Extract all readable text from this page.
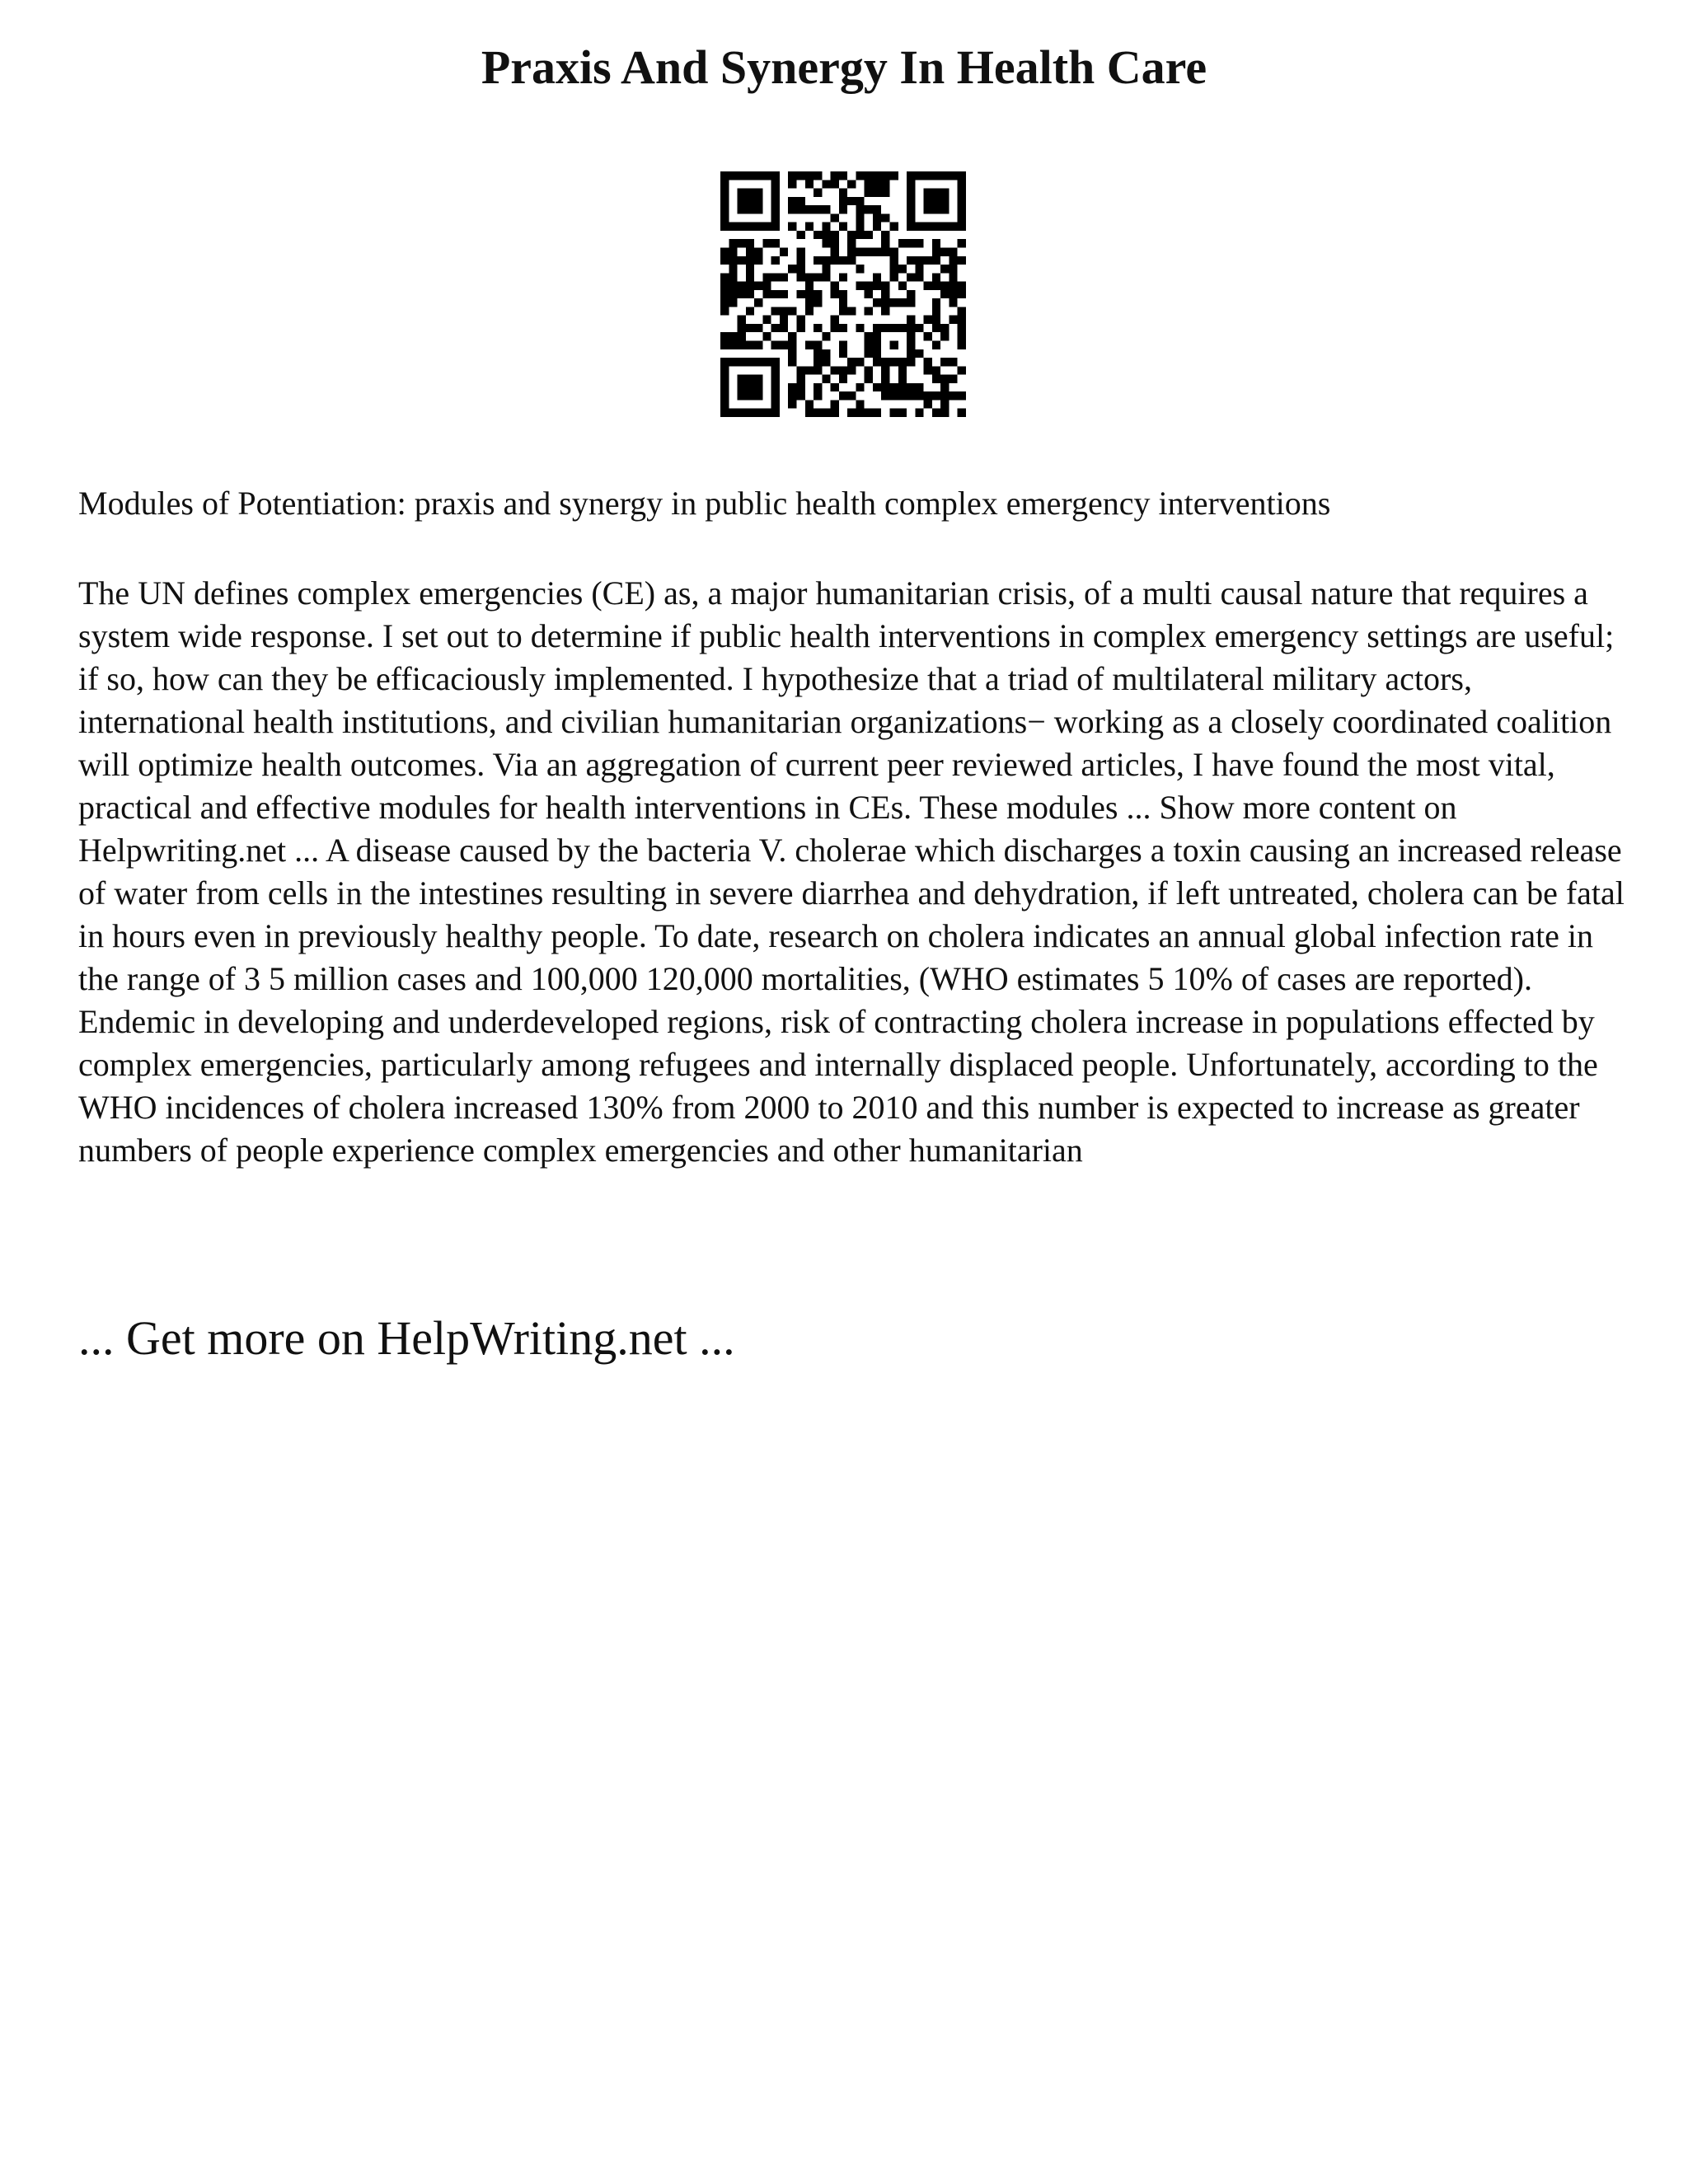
Praxis And Synergy In Health Care

Modules of Potentiation: praxis and synergy in public health complex emergency interventions

The UN defines complex emergencies (CE) as, a major humanitarian crisis, of a multi causal nature that requires a system wide response. I set out to determine if public health interventions in complex emergency settings are useful; if so, how can they be efficaciously implemented. I hypothesize that a triad of multilateral military actors, international health institutions, and civilian humanitarian organizations− working as a closely coordinated coalition will optimize health outcomes. Via an aggregation of current peer reviewed articles, I have found the most vital, practical and effective modules for health interventions in CEs. These modules ... Show more content on Helpwriting.net ... A disease caused by the bacteria V. cholerae which discharges a toxin causing an increased release of water from cells in the intestines resulting in severe diarrhea and dehydration, if left untreated, cholera can be fatal in hours even in previously healthy people. To date, research on cholera indicates an annual global infection rate in the range of 3 5 million cases and 100,000 120,000 mortalities, (WHO estimates 5 10% of cases are reported). Endemic in developing and underdeveloped regions, risk of contracting cholera increase in populations effected by complex emergencies, particularly among refugees and internally displaced people. Unfortunately, according to the WHO incidences of cholera increased 130% from 2000 to 2010 and this number is expected to increase as greater numbers of people experience complex emergencies and other humanitarian

... Get more on HelpWriting.net ...
